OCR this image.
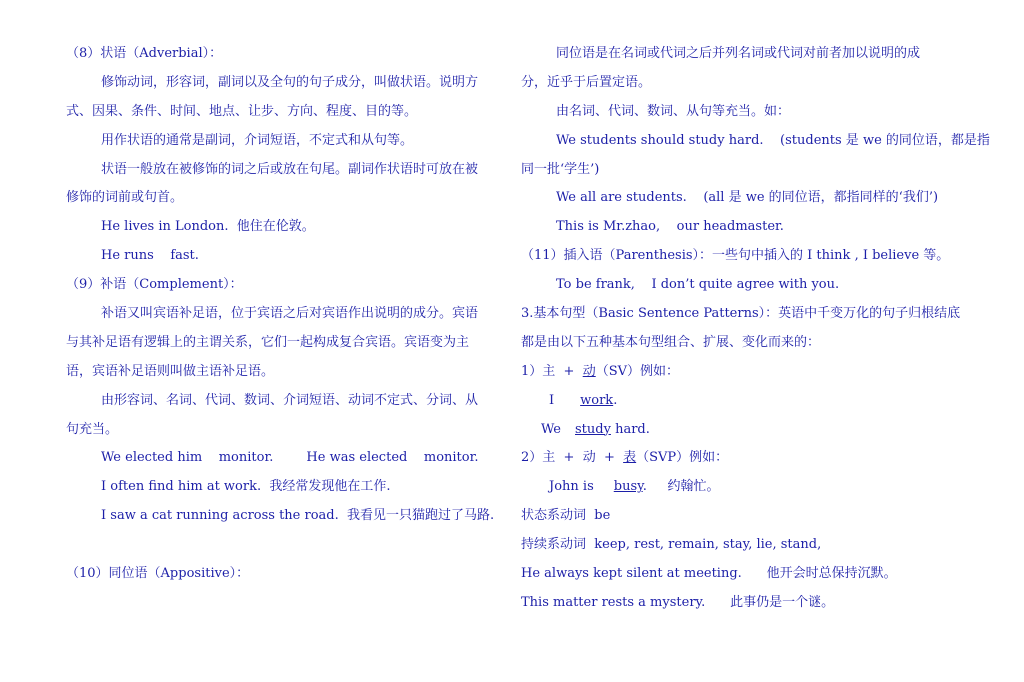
（8）状语（Adverbial）：
修饰动词，形容词，副词以及全句的句子成分，叫做状语。说明方
式、因果、条件、时间、地点、让步、方向、程度、目的等。
用作状语的通常是副词，介词短语，不定式和从句等。
状语一般放在被修饰的词之后或放在句尾。副词作状语时可放在被
修饰的词前或句首。
He lives in London.  他住在伦敦。
He runs    fast.
（9）补语（Complement）：
补语又叫宾语补足语，位于宾语之后对宾语作出说明的成分。宾语
与其补足语有逻辑上的主谓关系，它们一起构成复合宾语。宾语变为主
语，宾语补足语则叫做主语补足语。
由形容词、名词、代词、数词、介词短语、动词不定式、分词、从
句充当。
We elected him    monitor.        He was elected    monitor.
I often find him at work.  我经常发现他在工作.
I saw a cat running across the road.  我看见一只猫跑过了马路.
（10）同位语（Appositive）：
同位语是在名词或代词之后并列名词或代词对前者加以说明的成
分，近乎于后置定语。
由名词、代词、数词、从句等充当。如：
We students should study hard.    (students 是 we 的同位语，都是指
同一批‘学生’)
We all are students.    (all 是 we 的同位语，都指同样的‘我们’)
This is Mr.zhao,    our headmaster.
（11）插入语（Parenthesis）：一些句中插入的 I think , I believe 等。
To be frank,    I don’t quite agree with you.
3.基本句型（Basic Sentence Patterns）：英语中千变万化的句子归根结底
都是由以下五种基本句型组合、扩展、变化而来的：
1）主  +  动（SV）例如：
I work.
We study hard.
2）主  +  动  +  表（SVP）例如：
John is busy.     约翰忙。
状态系动词  be
持续系动词  keep, rest, remain, stay, lie, stand,
He always kept silent at meeting.      他开会时总保持沉默。
This matter rests a mystery.      此事仍是一个谜。
